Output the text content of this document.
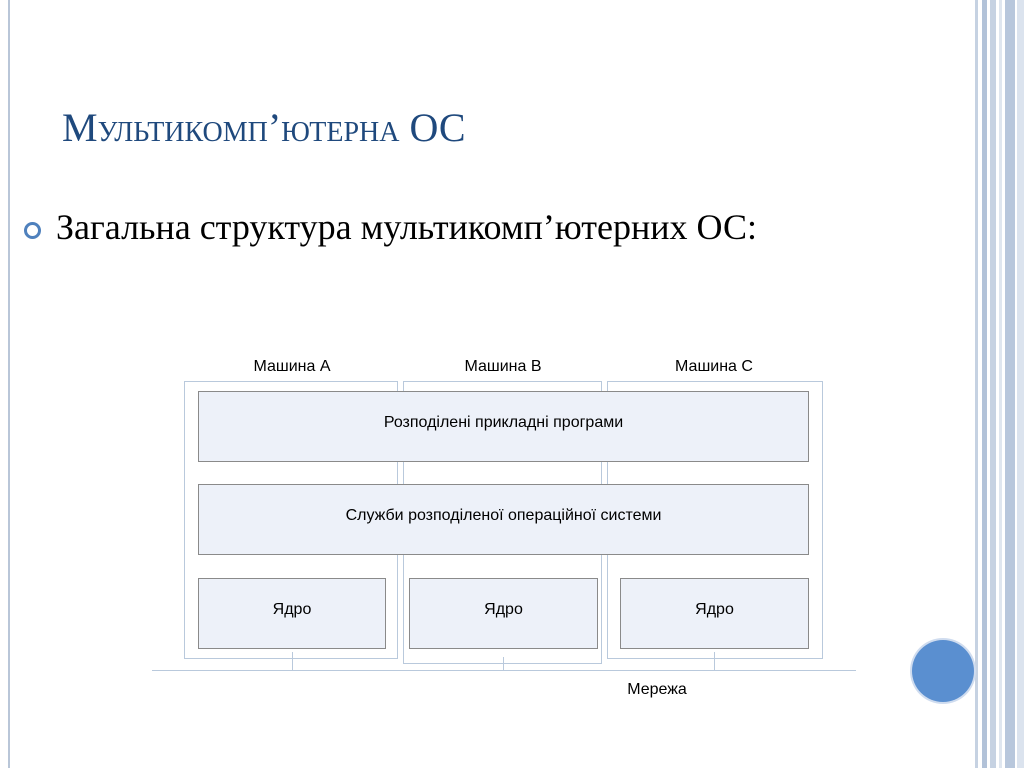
Мультикомп’ютерна ОС
Загальна структура мультикомп’ютерних ОС:
Машина A	Машина B	Машина C
Розподілені прикладні програми
Служби розподіленої операційної системи
Ядро	Ядро	Ядро
Мережа
